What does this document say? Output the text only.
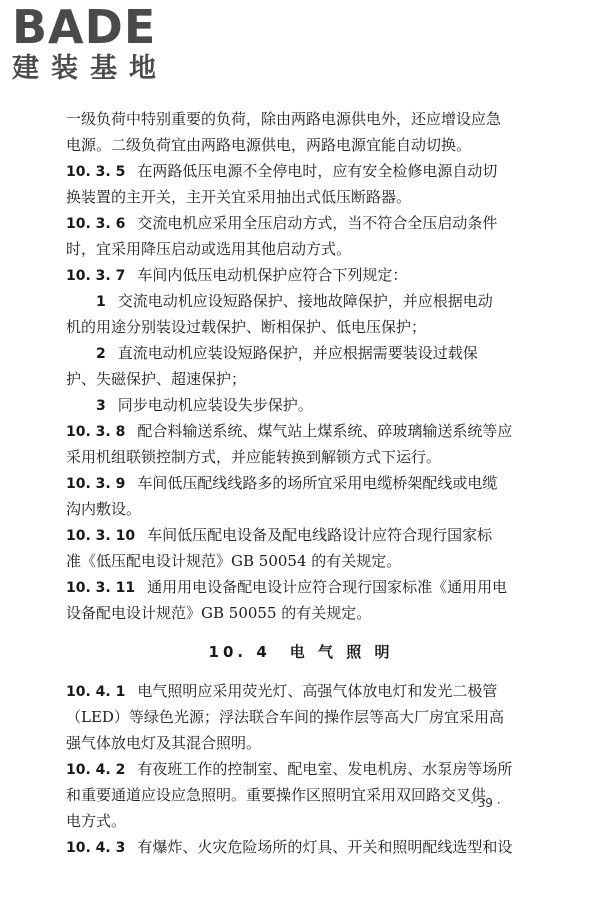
BADE
建装基地
一级负荷中特别重要的负荷，除由两路电源供电外，还应增设应急
电源。二级负荷宜由两路电源供电，两路电源宜能自动切换。
10. 3. 5 在两路低压电源不全停电时，应有安全检修电源自动切
换装置的主开关，主开关宜采用抽出式低压断路器。
10. 3. 6 交流电机应采用全压启动方式，当不符合全压启动条件
时，宜采用降压启动或选用其他启动方式。
10. 3. 7 车间内低压电动机保护应符合下列规定：
1 交流电动机应设短路保护、接地故障保护，并应根据电动
机的用途分别装设过载保护、断相保护、低电压保护；
2 直流电动机应装设短路保护，并应根据需要装设过载保
护、失磁保护、超速保护；
3 同步电动机应装设失步保护。
10. 3. 8 配合料输送系统、煤气站上煤系统、碎玻璃输送系统等应
采用机组联锁控制方式，并应能转换到解锁方式下运行。
10. 3. 9 车间低压配线线路多的场所宜采用电缆桥架配线或电缆
沟内敷设。
10. 3. 10 车间低压配电设备及配电线路设计应符合现行国家标
准《低压配电设计规范》GB 50054 的有关规定。
10. 3. 11 通用用电设备配电设计应符合现行国家标准《通用用电
设备配电设计规范》GB 50055 的有关规定。
10. 4　电 气 照 明
10. 4. 1 电气照明应采用荧光灯、高强气体放电灯和发光二极管
（LED）等绿色光源；浮法联合车间的操作层等高大厂房宜采用高
强气体放电灯及其混合照明。
10. 4. 2 有夜班工作的控制室、配电室、发电机房、水泵房等场所
和重要通道应设应急照明。重要操作区照明宜采用双回路交叉供
电方式。
10. 4. 3 有爆炸、火灾危险场所的灯具、开关和照明配线选型和设
· 39 ·
